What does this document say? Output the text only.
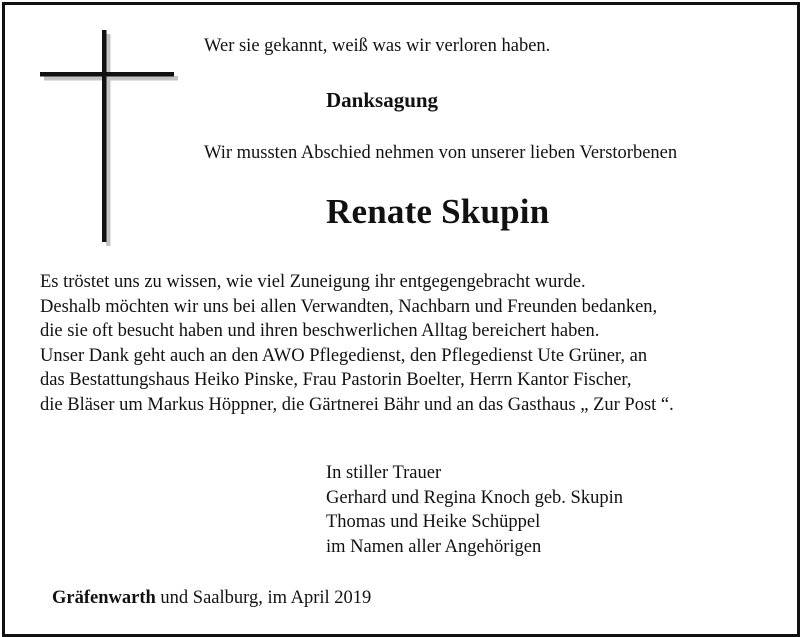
Wer sie gekannt, weiß was wir verloren haben.

Danksagung

Wir mussten Abschied nehmen von unserer lieben Verstorbenen

Renate Skupin

Es tröstet uns zu wissen, wie viel Zuneigung ihr entgegengebracht wurde.
Deshalb möchten wir uns bei allen Verwandten, Nachbarn und Freunden bedanken,
die sie oft besucht haben und ihren beschwerlichen Alltag bereichert haben.
Unser Dank geht auch an den AWO Pflegedienst, den Pflegedienst Ute Grüner, an
das Bestattungshaus Heiko Pinske, Frau Pastorin Boelter, Herrn Kantor Fischer,
die Bläser um Markus Höppner, die Gärtnerei Bähr und an das Gasthaus „ Zur Post “.
In stiller Trauer
Gerhard und Regina Knoch geb. Skupin
Thomas und Heike Schüppel
im Namen aller Angehörigen

Gräfenwarth und Saalburg, im April 2019
